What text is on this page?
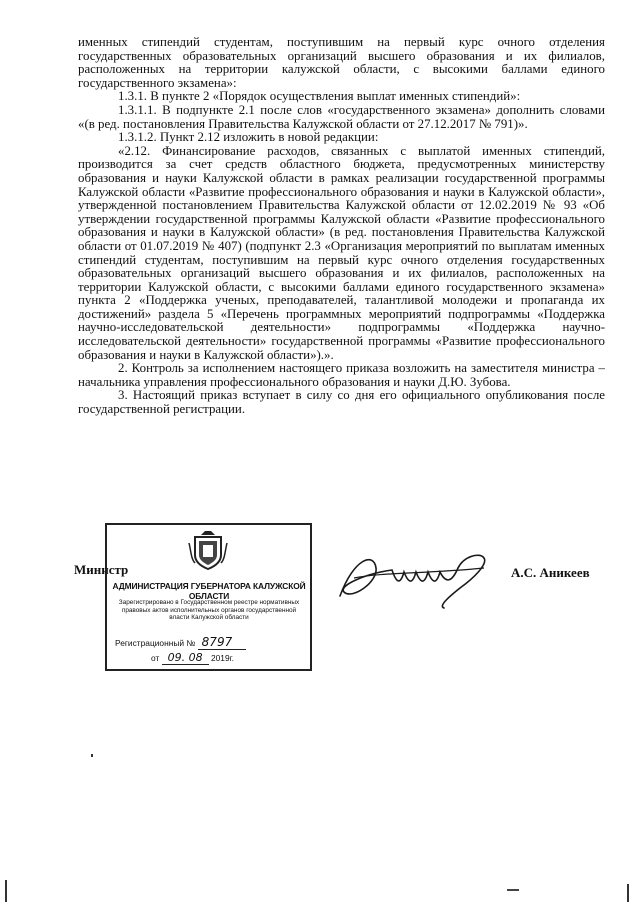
именных стипендий студентам, поступившим на первый курс очного отделения государственных образовательных организаций высшего образования и их филиалов, расположенных на территории калужской области, с высокими баллами единого государственного экзамена»:

1.3.1. В пункте 2 «Порядок осуществления выплат именных стипендий»:

1.3.1.1. В подпункте 2.1 после слов «государственного экзамена» дополнить словами «(в ред. постановления Правительства Калужской области от 27.12.2017 № 791)».

1.3.1.2. Пункт 2.12 изложить в новой редакции:

«2.12. Финансирование расходов, связанных с выплатой именных стипендий, производится за счет средств областного бюджета, предусмотренных министерству образования и науки Калужской области в рамках реализации государственной программы Калужской области «Развитие профессионального образования и науки в Калужской области», утвержденной постановлением Правительства Калужской области от 12.02.2019 № 93 «Об утверждении государственной программы Калужской области «Развитие профессионального образования и науки в Калужской области» (в ред. постановления Правительства Калужской области от 01.07.2019 № 407) (подпункт 2.3 «Организация мероприятий по выплатам именных стипендий студентам, поступившим на первый курс очного отделения государственных образовательных организаций высшего образования и их филиалов, расположенных на территории Калужской области, с высокими баллами единого государственного экзамена» пункта 2 «Поддержка ученых, преподавателей, талантливой молодежи и пропаганда их достижений» раздела 5 «Перечень программных мероприятий подпрограммы «Поддержка научно-исследовательской деятельности» подпрограммы «Поддержка научно-исследовательской деятельности» государственной программы «Развитие профессионального образования и науки в Калужской области»).».

2. Контроль за исполнением настоящего приказа возложить на заместителя министра – начальника управления профессионального образования и науки Д.Ю. Зубова.

3. Настоящий приказ вступает в силу со дня его официального опубликования после государственной регистрации.

Министр	А.С. Аникеев
АДМИНИСТРАЦИЯ ГУБЕРНАТОРА КАЛУЖСКОЙ ОБЛАСТИ
Зарегистрировано в Государственном реестре нормативных правовых актов исполнительных органов государственной власти Калужской области
Регистрационный № 8797
от 09. 08 2019г.
